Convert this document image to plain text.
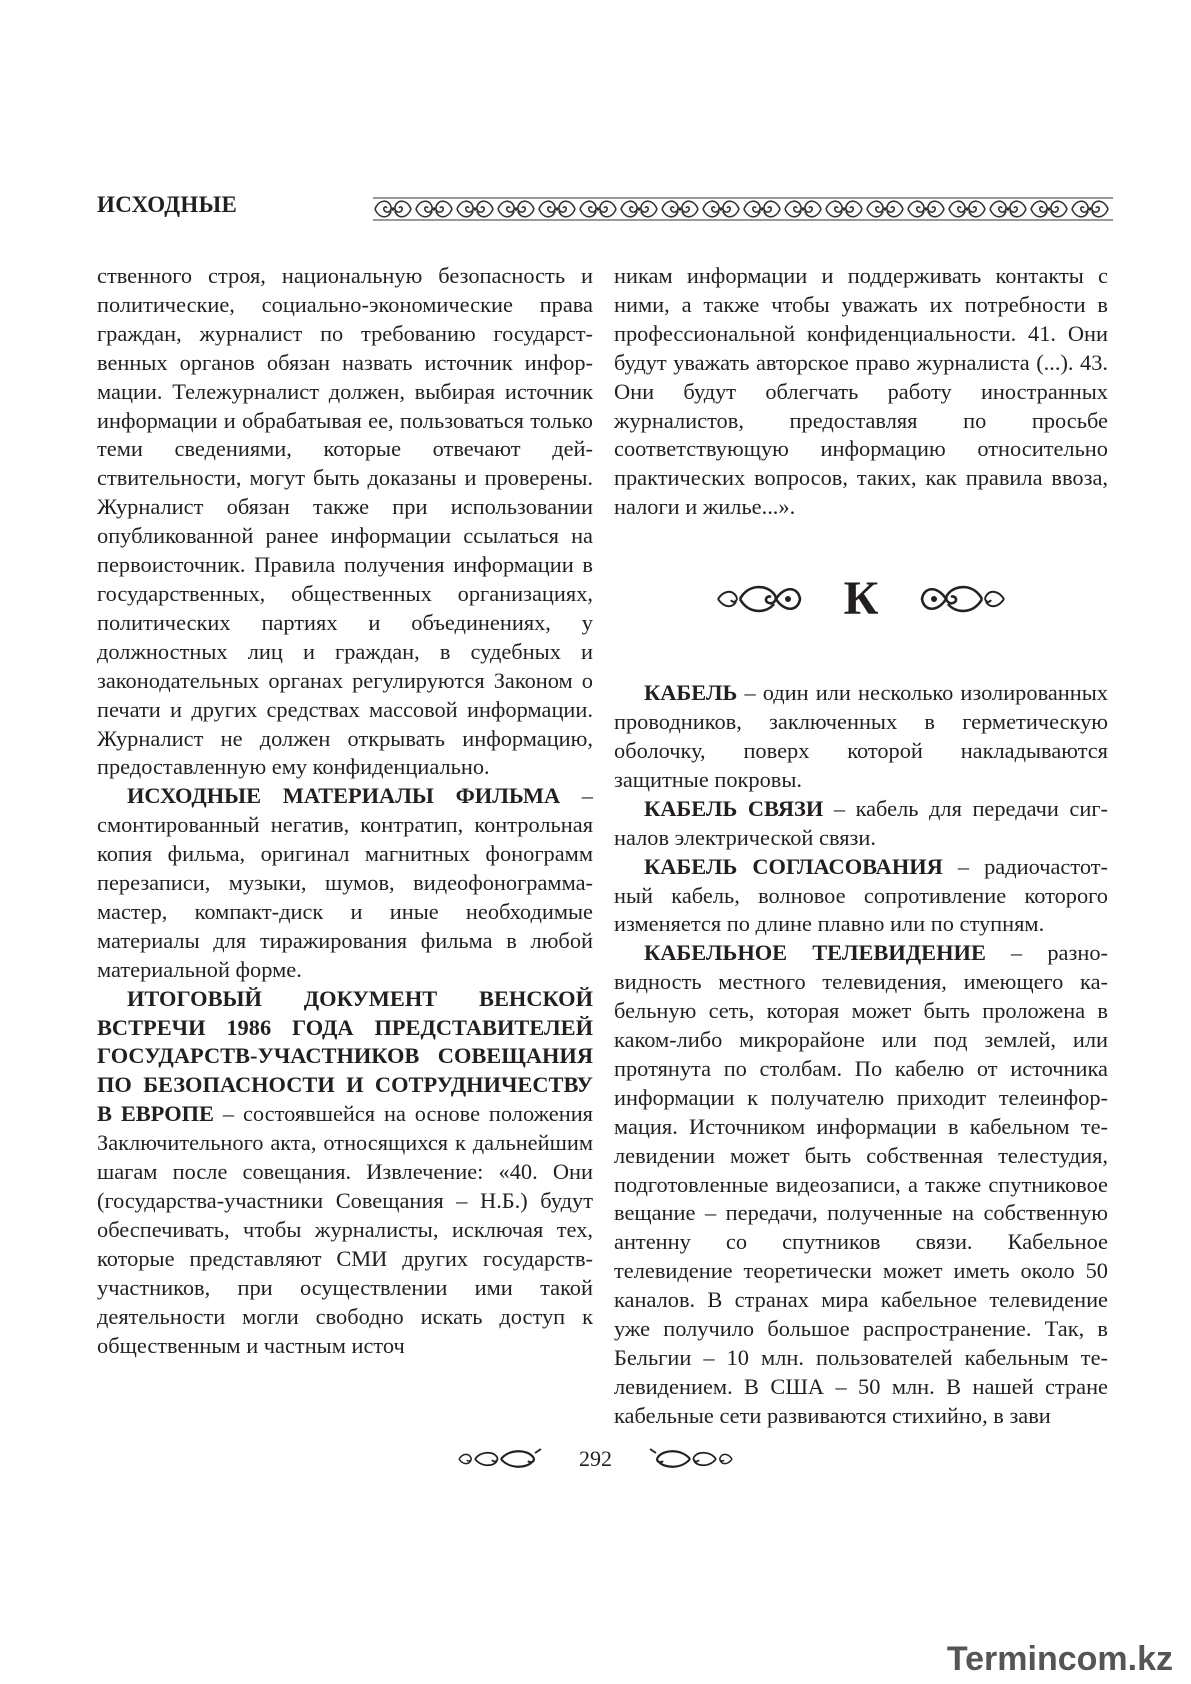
ИСХОДНЫЕ

ственного строя, национальную безопасность и политические, социально-экономические права граждан, журналист по требованию государственных органов обязан назвать источник информации. Тележурналист должен, выбирая источник информации и обрабатывая ее, пользоваться только теми сведениями, которые отвечают действительности, могут быть доказаны и проверены. Журналист обязан также при использовании опубликованной ранее информации ссылаться на первоисточник. Правила получения информации в государственных, общественных организациях, политических партиях и объединениях, у должностных лиц и граждан, в судебных и законодательных органах регулируются Законом о печати и других средствах массовой информации. Журналист не должен открывать информацию, предоставленную ему конфиденциально.

ИСХОДНЫЕ МАТЕРИАЛЫ ФИЛЬМА – смонтированный негатив, контратип, контрольная копия фильма, оригинал магнитных фонограмм перезаписи, музыки, шумов, видеофонограмма-мастер, компакт-диск и иные необходимые материалы для тиражирования фильма в любой материальной форме.

ИТОГОВЫЙ ДОКУМЕНТ ВЕНСКОЙ ВСТРЕЧИ 1986 ГОДА ПРЕДСТАВИТЕЛЕЙ ГОСУДАРСТВ-УЧАСТНИКОВ СОВЕЩАНИЯ ПО БЕЗОПАСНОСТИ И СОТРУДНИЧЕСТВУ В ЕВРОПЕ – состоявшейся на основе положения Заключительного акта, относящихся к дальнейшим шагам после совещания. Извлечение: «40. Они (государства-участники Совещания – Н.Б.) будут обеспечивать, чтобы журналисты, исключая тех, которые представляют СМИ других государств-участников, при осуществлении ими такой деятельности могли свободно искать доступ к общественным и частным источ

никам информации и поддерживать контакты с ними, а также чтобы уважать их потребности в профессиональной конфиденциальности. 41. Они будут уважать авторское право журналиста (...). 43. Они будут облегчать работу иностранных журналистов, предоставляя по просьбе соответствующую информацию относительно практических вопросов, таких, как правила ввоза, налоги и жилье...».

К

КАБЕЛЬ – один или несколько изолированных проводников, заключенных в герметическую оболочку, поверх которой накладываются защитные покровы.

КАБЕЛЬ СВЯЗИ – кабель для передачи сигналов электрической связи.

КАБЕЛЬ СОГЛАСОВАНИЯ – радиочастотный кабель, волновое сопротивление которого изменяется по длине плавно или по ступням.

КАБЕЛЬНОЕ ТЕЛЕВИДЕНИЕ – разновидность местного телевидения, имеющего кабельную сеть, которая может быть проложена в каком-либо микрорайоне или под землей, или протянута по столбам. По кабелю от источника информации к получателю приходит телеинформация. Источником информации в кабельном телевидении может быть собственная телестудия, подготовленные видеозаписи, а также спутниковое вещание – передачи, полученные на собственную антенну со спутников связи. Кабельное телевидение теоретически может иметь около 50 каналов. В странах мира кабельное телевидение уже получило большое распространение. Так, в Бельгии – 10 млн. пользователей кабельным телевидением. В США – 50 млн. В нашей стране кабельные сети развиваются стихийно, в зави

292
Termincom.kz
